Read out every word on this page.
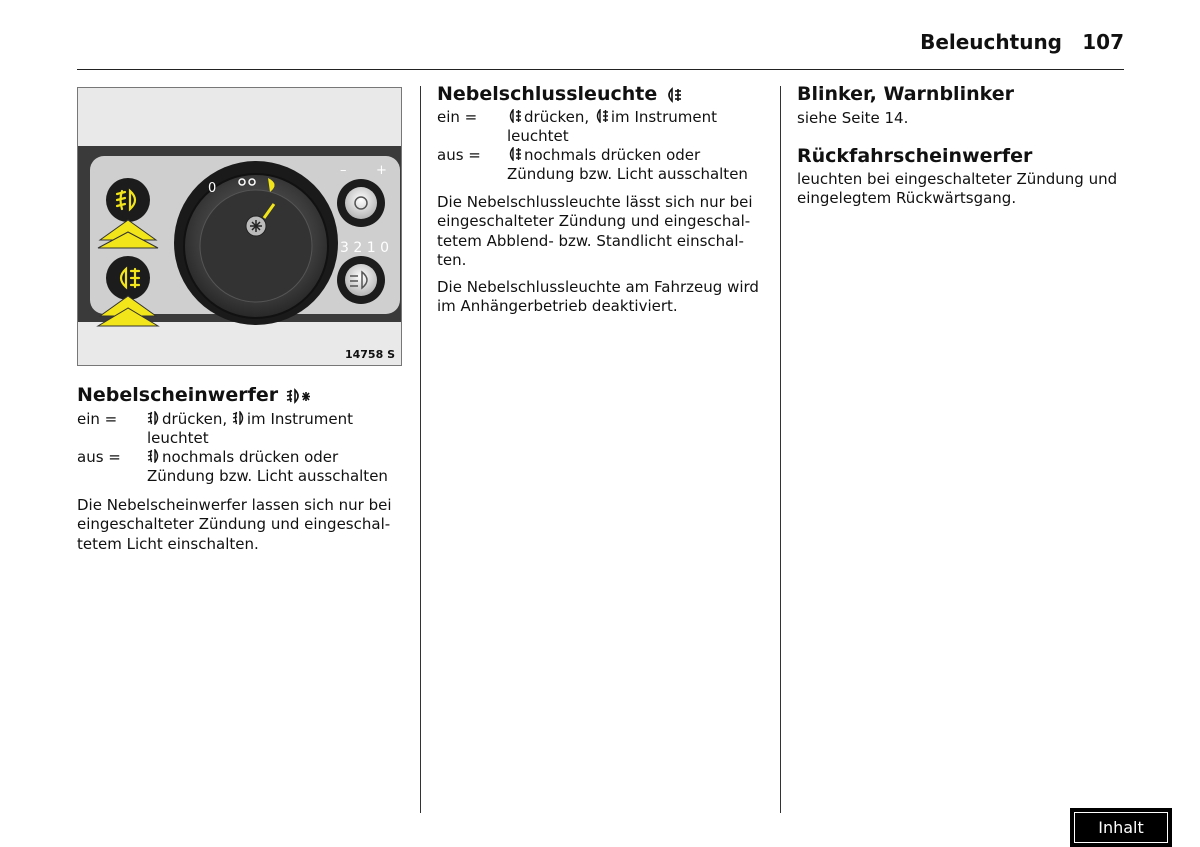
Beleuchtung 107
0
– +
3 2 1 0
14758 S
Nebelscheinwerfer
ein =	drücken, im Instrument leuchtet
aus =	nochmals drücken oder Zündung bzw. Licht ausschalten
Die Nebelscheinwerfer lassen sich nur bei eingeschalteter Zündung und eingeschal-tetem Licht einschalten.
Nebelschlussleuchte
ein =	drücken, im Instrument leuchtet
aus =	nochmals drücken oder Zündung bzw. Licht ausschalten
Die Nebelschlussleuchte lässt sich nur bei eingeschalteter Zündung und eingeschal-tetem Abblend- bzw. Standlicht einschal-ten.
Die Nebelschlussleuchte am Fahrzeug wird im Anhängerbetrieb deaktiviert.
Blinker, Warnblinker
siehe Seite 14.
Rückfahrscheinwerfer
leuchten bei eingeschalteter Zündung und eingelegtem Rückwärtsgang.
Inhalt
